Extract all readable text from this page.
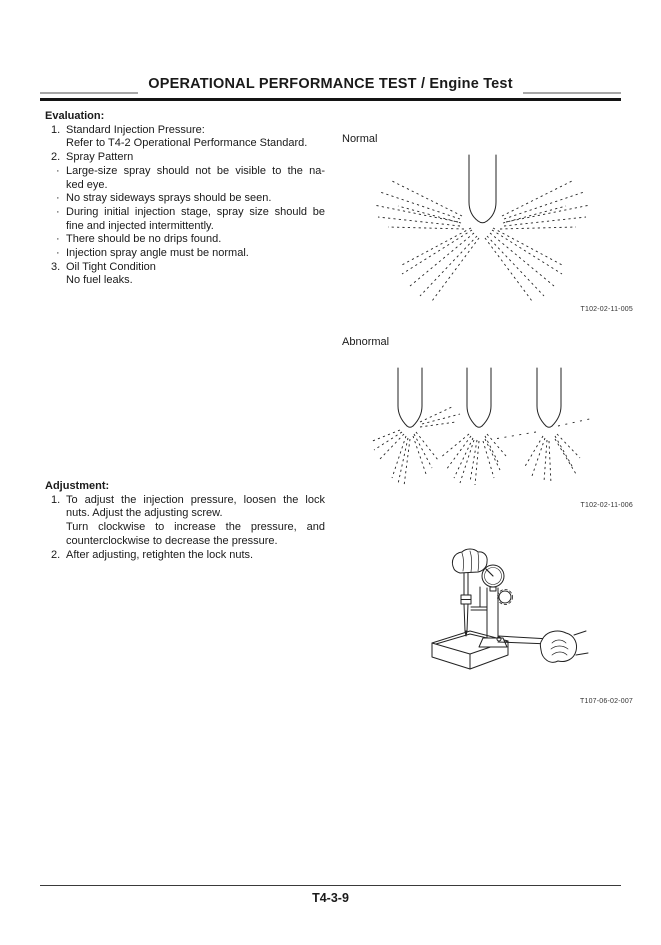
OPERATIONAL PERFORMANCE TEST / Engine Test
Evaluation:
1. Standard Injection Pressure:
Refer to T4-2 Operational Performance Standard.
2. Spray Pattern
· Large-size spray should not be visible to the na-
ked eye.
· No stray sideways sprays should be seen.
· During initial injection stage, spray size should be
fine and injected intermittently.
· There should be no drips found.
· Injection spray angle must be normal.
3. Oil Tight Condition
No fuel leaks.
Adjustment:
1. To adjust the injection pressure, loosen the lock
nuts. Adjust the adjusting screw.
Turn clockwise to increase the pressure, and
counterclockwise to decrease the pressure.
2. After adjusting, retighten the lock nuts.
Normal
Abnormal
T102-02-11-005
T102-02-11-006
T107-06-02-007
T4-3-9
